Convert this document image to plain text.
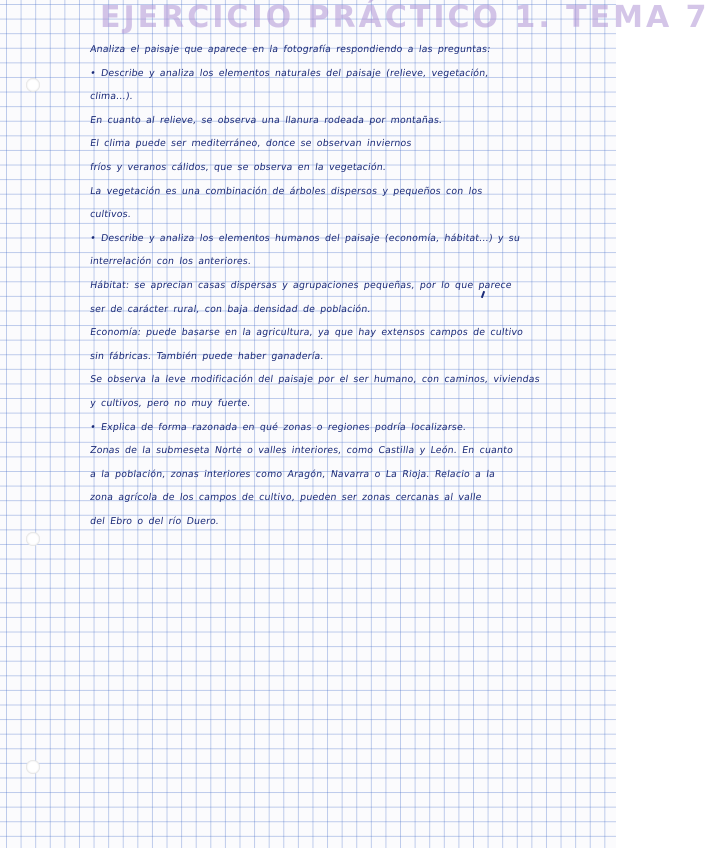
EJERCICIO PRÁCTICO 1. TEMA 7

Analiza el paisaje que aparece en la fotografía respondiendo a las preguntas:

• Describe y analiza los elementos naturales del paisaje (relieve, vegetación,

clima...).

En cuanto al relieve, se observa una llanura rodeada por montañas.

El clima puede ser mediterráneo, donce se observan inviernos

fríos y veranos cálidos, que se observa en la vegetación.

La vegetación es una combinación de árboles dispersos y pequeños con los

cultivos.

• Describe y analiza los elementos humanos del paisaje (economía, hábitat...) y su

interrelación con los anteriores.

Hábitat: se aprecian casas dispersas y agrupaciones pequeñas, por lo que parece

ser de carácter rural, con baja densidad de población.

Economía: puede basarse en la agricultura, ya que hay extensos campos de cultivo

sin fábricas. También puede haber ganadería.

Se observa la leve modificación del paisaje por el ser humano, con caminos, viviendas

y cultivos, pero no muy fuerte.

• Explica de forma razonada en qué zonas o regiones podría localizarse.

Zonas de la submeseta Norte o valles interiores, como Castilla y León. En cuanto

a la población, zonas interiores como Aragón, Navarra o La Rioja. Relacio a la

zona agrícola de los campos de cultivo, pueden ser zonas cercanas al valle

del Ebro o del río Duero.
